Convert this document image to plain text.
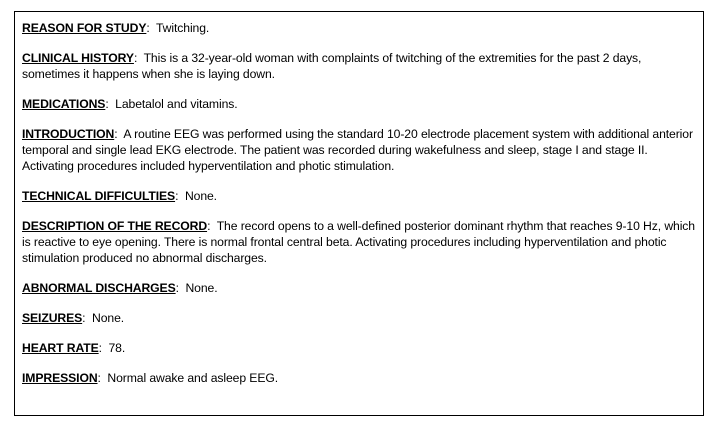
REASON FOR STUDY:  Twitching.

CLINICAL HISTORY:  This is a 32-year-old woman with complaints of twitching of the extremities for the past 2 days, sometimes it happens when she is laying down.

MEDICATIONS:  Labetalol and vitamins.

INTRODUCTION:  A routine EEG was performed using the standard 10-20 electrode placement system with additional anterior temporal and single lead EKG electrode. The patient was recorded during wakefulness and sleep, stage I and stage II. Activating procedures included hyperventilation and photic stimulation.

TECHNICAL DIFFICULTIES:  None.

DESCRIPTION OF THE RECORD:  The record opens to a well-defined posterior dominant rhythm that reaches 9-10 Hz, which is reactive to eye opening. There is normal frontal central beta. Activating procedures including hyperventilation and photic stimulation produced no abnormal discharges.

ABNORMAL DISCHARGES:  None.

SEIZURES:  None.

HEART RATE:  78.

IMPRESSION:  Normal awake and asleep EEG.
